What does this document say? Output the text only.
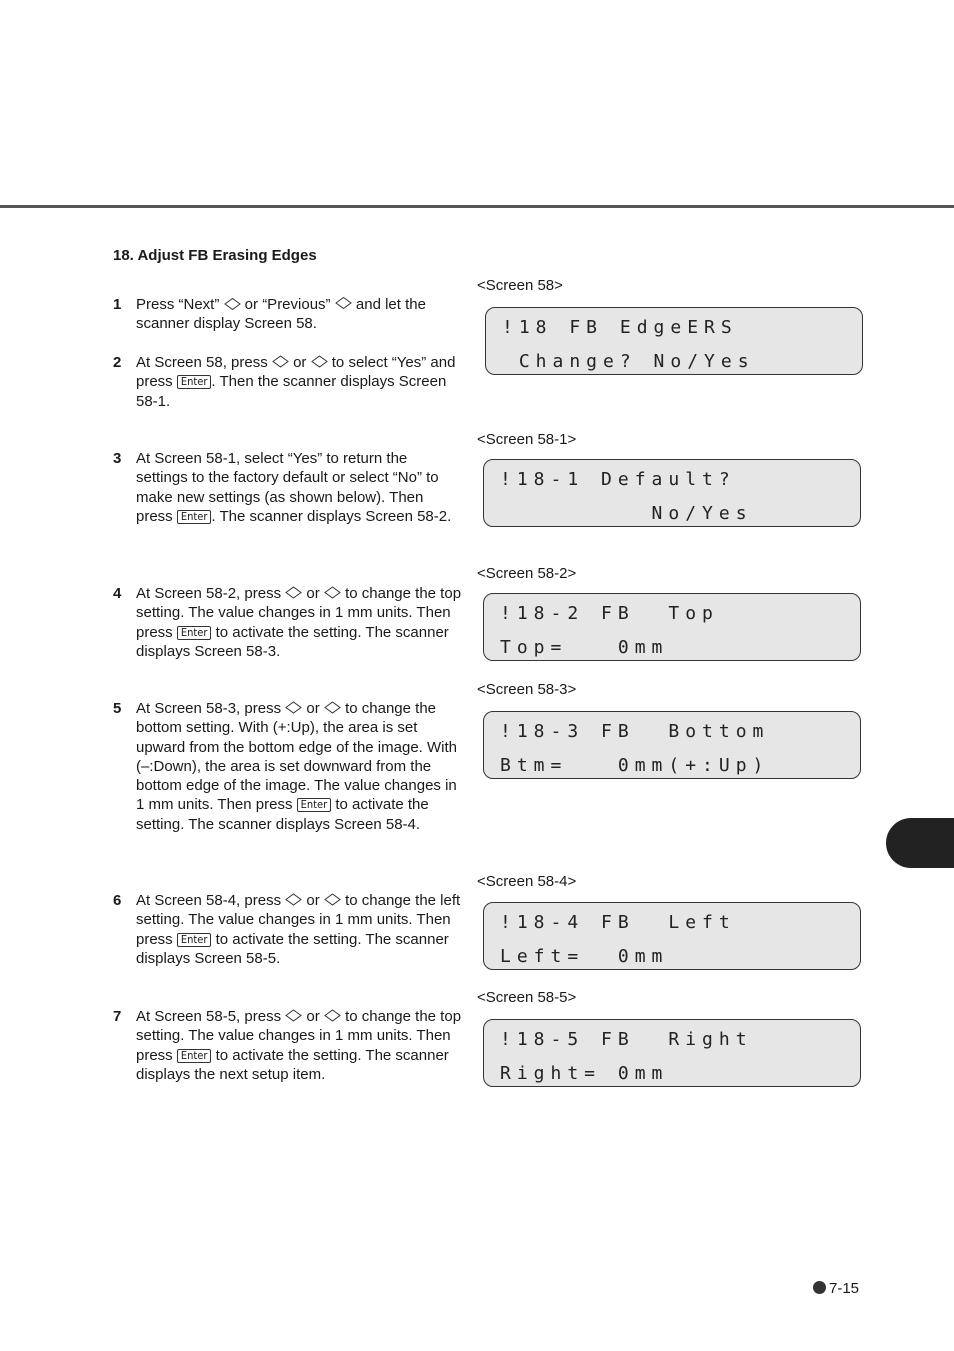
18. Adjust FB Erasing Edges
1 Press “Next”
or “Previous”
and let the scanner display Screen 58.
2 At Screen 58, press
or
to select “Yes” and press Enter . Then the scanner displays Screen 58-1.
3 At Screen 58-1, select “Yes” to return the settings to the factory default or select “No” to make new settings (as shown below). Then press Enter . The scanner displays Screen 58-2.
4 At Screen 58-2, press
or
to change the top setting. The value changes in 1 mm units. Then press Enter to activate the setting. The scanner displays Screen 58-3.
5 At Screen 58-3, press
or
to change the bottom setting. With (+:Up), the area is set upward from the bottom edge of the image. With (–:Down), the area is set downward from the bottom edge of the image. The value changes in 1 mm units. Then press Enter to activate the setting. The scanner displays Screen 58-4.
6 At Screen 58-4, press
or
to change the left setting. The value changes in 1 mm units. Then press Enter to activate the setting. The scanner displays Screen 58-5.
7 At Screen 58-5, press
or
to change the top setting. The value changes in 1 mm units. Then press Enter to activate the setting. The scanner displays the next setup item.
<Screen 58>
!18 FB EdgeERS
Change? No/Yes
<Screen 58-1>
!18-1 Default?
No/Yes
<Screen 58-2>
!18-2 FB  Top
Top=   0mm
<Screen 58-3>
!18-3 FB  Bottom
Btm=   0mm(+:Up)
<Screen 58-4>
!18-4 FB  Left
Left=  0mm
<Screen 58-5>
!18-5 FB  Right
Right= 0mm
7-15
